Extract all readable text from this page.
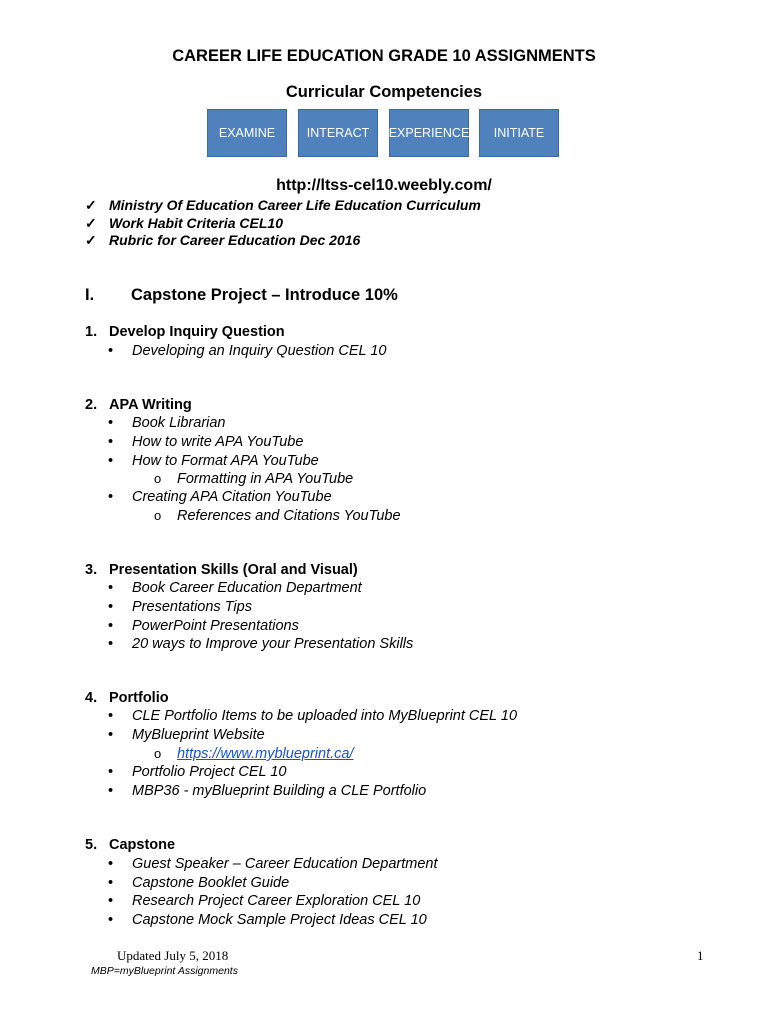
CAREER LIFE EDUCATION GRADE 10 ASSIGNMENTS
Curricular Competencies
EXAMINE	INTERACT	EXPERIENCE	INITIATE
http://ltss-cel10.weebly.com/
✓ Ministry Of Education Career Life Education Curriculum
✓ Work Habit Criteria CEL10
✓ Rubric for Career Education Dec 2016
I. Capstone Project – Introduce 10%
1. Develop Inquiry Question
• Developing an Inquiry Question CEL 10
2. APA Writing
• Book Librarian
• How to write APA YouTube
• How to Format APA YouTube
o Formatting in APA YouTube
• Creating APA Citation YouTube
o References and Citations YouTube
3. Presentation Skills (Oral and Visual)
• Book Career Education Department
• Presentations Tips
• PowerPoint Presentations
• 20 ways to Improve your Presentation Skills
4. Portfolio
• CLE Portfolio Items to be uploaded into MyBlueprint CEL 10
• MyBlueprint Website
o https://www.myblueprint.ca/
• Portfolio Project CEL 10
• MBP36 - myBlueprint Building a CLE Portfolio
5. Capstone
• Guest Speaker – Career Education Department
• Capstone Booklet Guide
• Research Project Career Exploration CEL 10
• Capstone Mock Sample Project Ideas CEL 10
Updated July 5, 2018
MBP=myBlueprint Assignments
1
